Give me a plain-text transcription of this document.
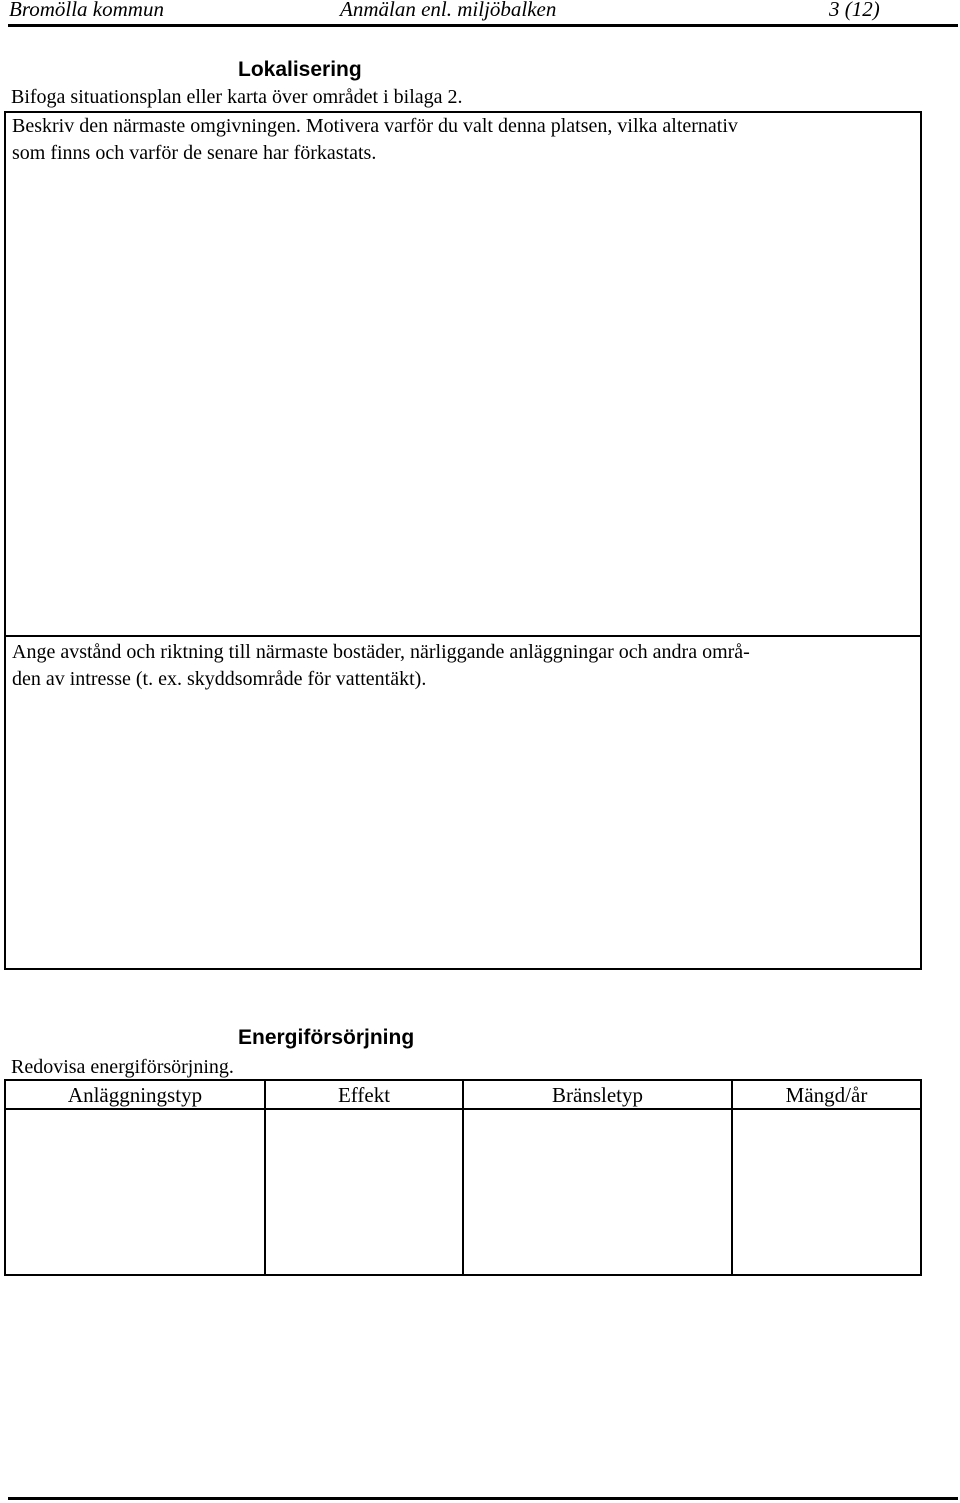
Bromölla kommun	Anmälan enl. miljöbalken	3 (12)
Lokalisering
Bifoga situationsplan eller karta över området i bilaga 2.
Beskriv den närmaste omgivningen. Motivera varför du valt denna platsen, vilka alternativ
som finns och varför de senare har förkastats.
Ange avstånd och riktning till närmaste bostäder, närliggande anläggningar och andra områ-
den av intresse (t. ex. skyddsområde för vattentäkt).
Energiförsörjning
Redovisa energiförsörjning.
Anläggningstyp	Effekt	Bränsletyp	Mängd/år
